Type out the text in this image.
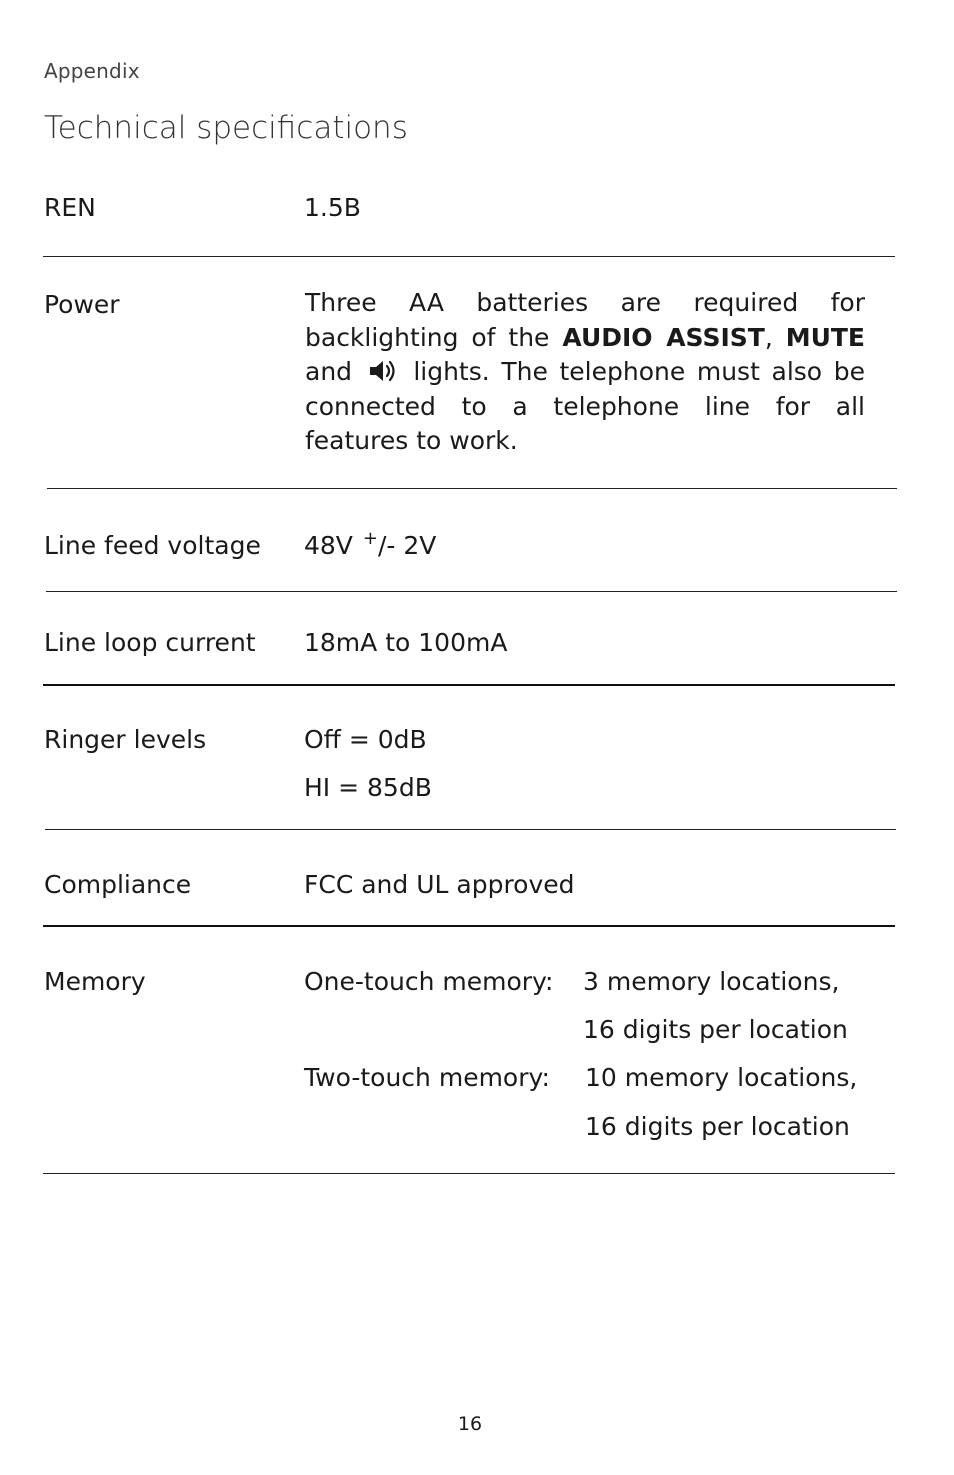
Appendix
Technical specifications
REN	1.5B
Power	Three AA batteries are required for backlighting of the AUDIO ASSIST, MUTE and lights. The telephone must also be connected to a telephone line for all features to work.
Line feed voltage 48V +/- 2V
Line loop current 18mA to 100mA
Ringer levels	Off = 0dB
HI = 85dB
Compliance	FCC and UL approved
Memory	One-touch memory: 3 memory locations,
16 digits per location
Two-touch memory: 10 memory locations,
16 digits per location
16
